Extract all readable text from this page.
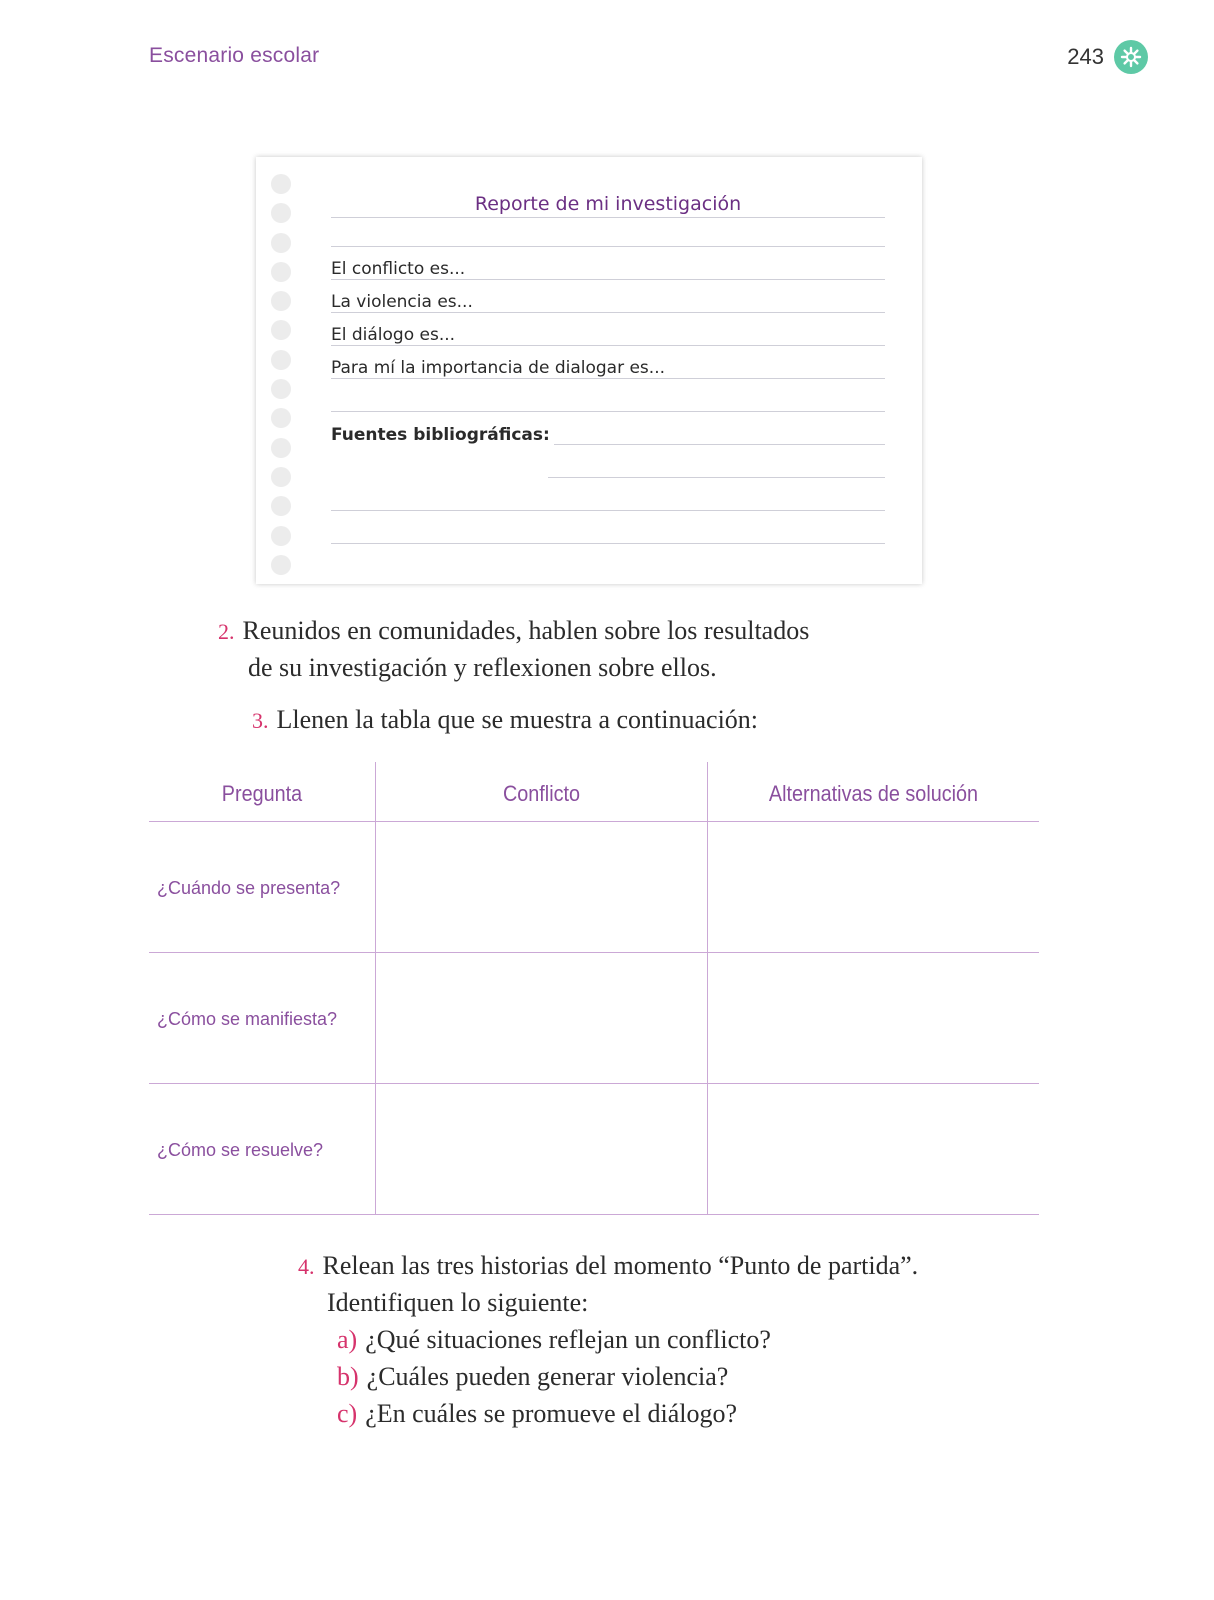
Escenario escolar	243
Reporte de mi investigación
El conflicto es...
La violencia es...
El diálogo es...
Para mí la importancia de dialogar es...
Fuentes bibliográficas:
2. Reunidos en comunidades, hablen sobre los resultados
de su investigación y reflexionen sobre ellos.
3. Llenen la tabla que se muestra a continuación:
Pregunta	Conflicto	Alternativas de solución
¿Cuándo se presenta?
¿Cómo se manifiesta?
¿Cómo se resuelve?
4. Relean las tres historias del momento “Punto de partida”.
Identifiquen lo siguiente:
a) ¿Qué situaciones reflejan un conflicto?
b) ¿Cuáles pueden generar violencia?
c) ¿En cuáles se promueve el diálogo?
